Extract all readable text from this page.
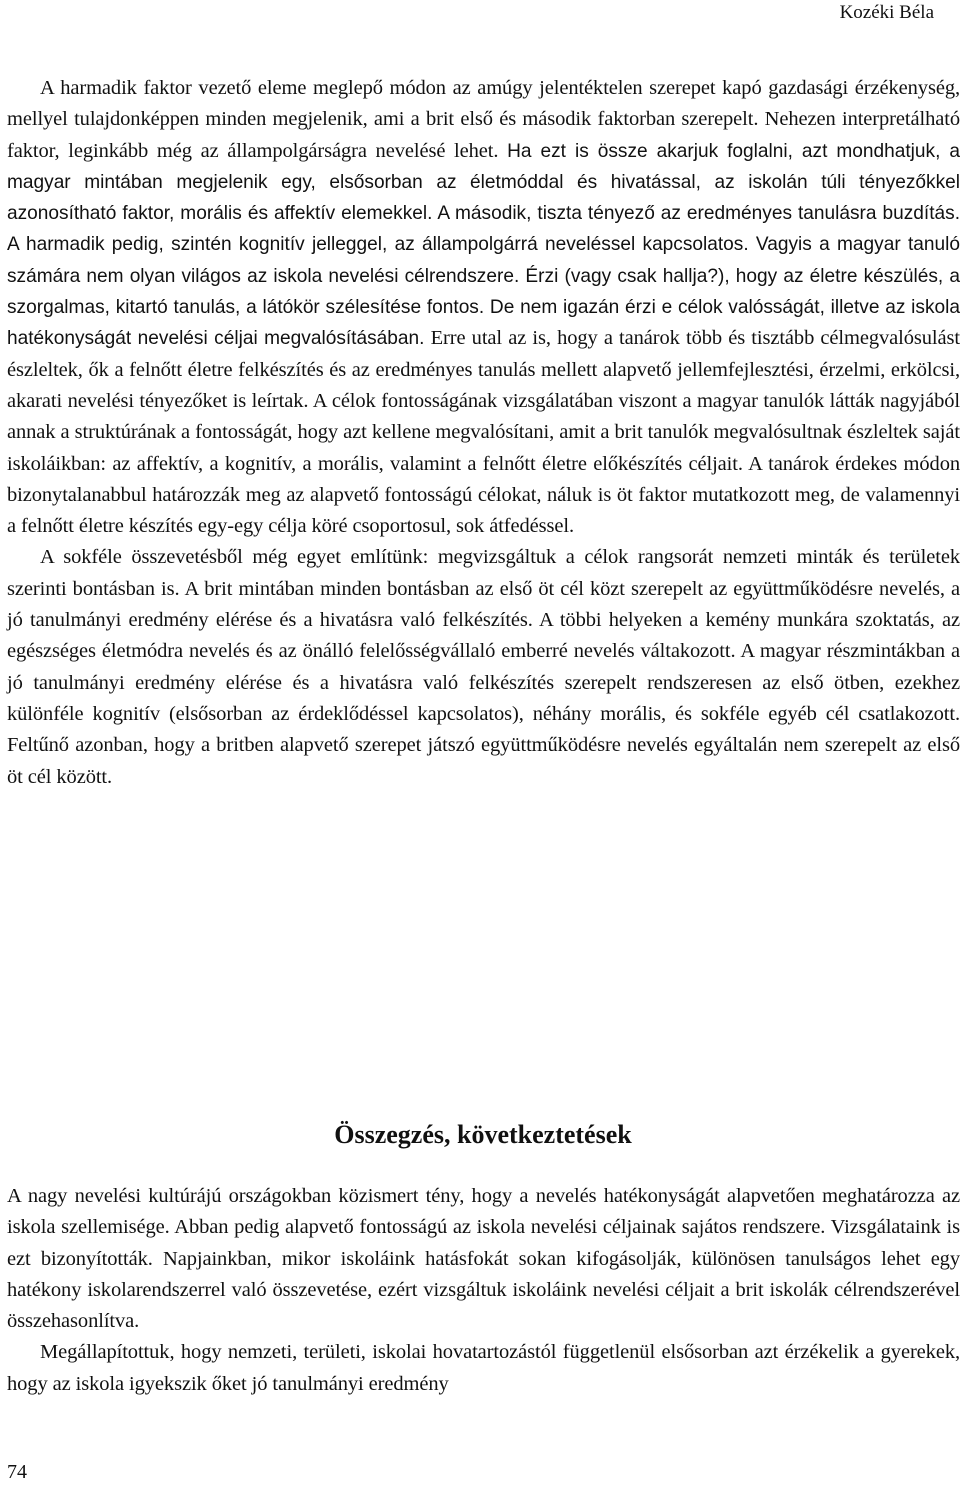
Kozéki Béla

A harmadik faktor vezető eleme meglepő módon az amúgy jelentéktelen szerepet kapó gazdasági érzékenység, mellyel tulajdonképpen minden megjelenik, ami a brit első és második faktorban szerepelt. Nehezen interpretálható faktor, leginkább még az állampolgárságra nevelésé lehet. Ha ezt is össze akarjuk foglalni, azt mondhatjuk, a magyar mintában megjelenik egy, elsősorban az életmóddal és hivatással, az iskolán túli tényezőkkel azonosítható faktor, morális és affektív elemekkel. A második, tiszta tényező az eredményes tanulásra buzdítás. A harmadik pedig, szintén kognitív jelleggel, az állampolgárrá neveléssel kapcsolatos. Vagyis a magyar tanuló számára nem olyan világos az iskola nevelési célrendszere. Érzi (vagy csak hallja?), hogy az életre készülés, a szorgalmas, kitartó tanulás, a látókör szélesítése fontos. De nem igazán érzi e célok valósságát, illetve az iskola hatékonyságát nevelési céljai megvalósításában. Erre utal az is, hogy a tanárok több és tisztább célmegvalósulást észleltek, ők a felnőtt életre felkészítés és az eredményes tanulás mellett alapvető jellemfejlesztési, érzelmi, erkölcsi, akarati nevelési tényezőket is leírtak. A célok fontosságának vizsgálatában viszont a magyar tanulók látták nagyjából annak a struktúrának a fontosságát, hogy azt kellene megvalósítani, amit a brit tanulók megvalósultnak észleltek saját iskoláikban: az affektív, a kognitív, a morális, valamint a felnőtt életre előkészítés céljait. A tanárok érdekes módon bizonytalanabbul határozzák meg az alapvető fontosságú célokat, náluk is öt faktor mutatkozott meg, de valamennyi a felnőtt életre készítés egy-egy célja köré csoportosul, sok átfedéssel.

A sokféle összevetésből még egyet említünk: megvizsgáltuk a célok rangsorát nemzeti minták és területek szerinti bontásban is. A brit mintában minden bontásban az első öt cél közt szerepelt az együttműködésre nevelés, a jó tanulmányi eredmény elérése és a hivatásra való felkészítés. A többi helyeken a kemény munkára szoktatás, az egészséges életmódra nevelés és az önálló felelősségvállaló emberré nevelés váltakozott. A magyar részmintákban a jó tanulmányi eredmény elérése és a hivatásra való felkészítés szerepelt rendszeresen az első ötben, ezekhez különféle kognitív (elsősorban az érdeklődéssel kapcsolatos), néhány morális, és sokféle egyéb cél csatlakozott. Feltűnő azonban, hogy a britben alapvető szerepet játszó együttműködésre nevelés egyáltalán nem szerepelt az első öt cél között.

Összegzés, következtetések

A nagy nevelési kultúrájú országokban közismert tény, hogy a nevelés hatékonyságát alapvetően meghatározza az iskola szellemisége. Abban pedig alapvető fontosságú az iskola nevelési céljainak sajátos rendszere. Vizsgálataink is ezt bizonyították. Napjainkban, mikor iskoláink hatásfokát sokan kifogásolják, különösen tanulságos lehet egy hatékony iskolarendszerrel való összevetése, ezért vizsgáltuk iskoláink nevelési céljait a brit iskolák célrendszerével összehasonlítva.

Megállapítottuk, hogy nemzeti, területi, iskolai hovatartozástól függetlenül elsősorban azt érzékelik a gyerekek, hogy az iskola igyekszik őket jó tanulmányi eredmény

74
